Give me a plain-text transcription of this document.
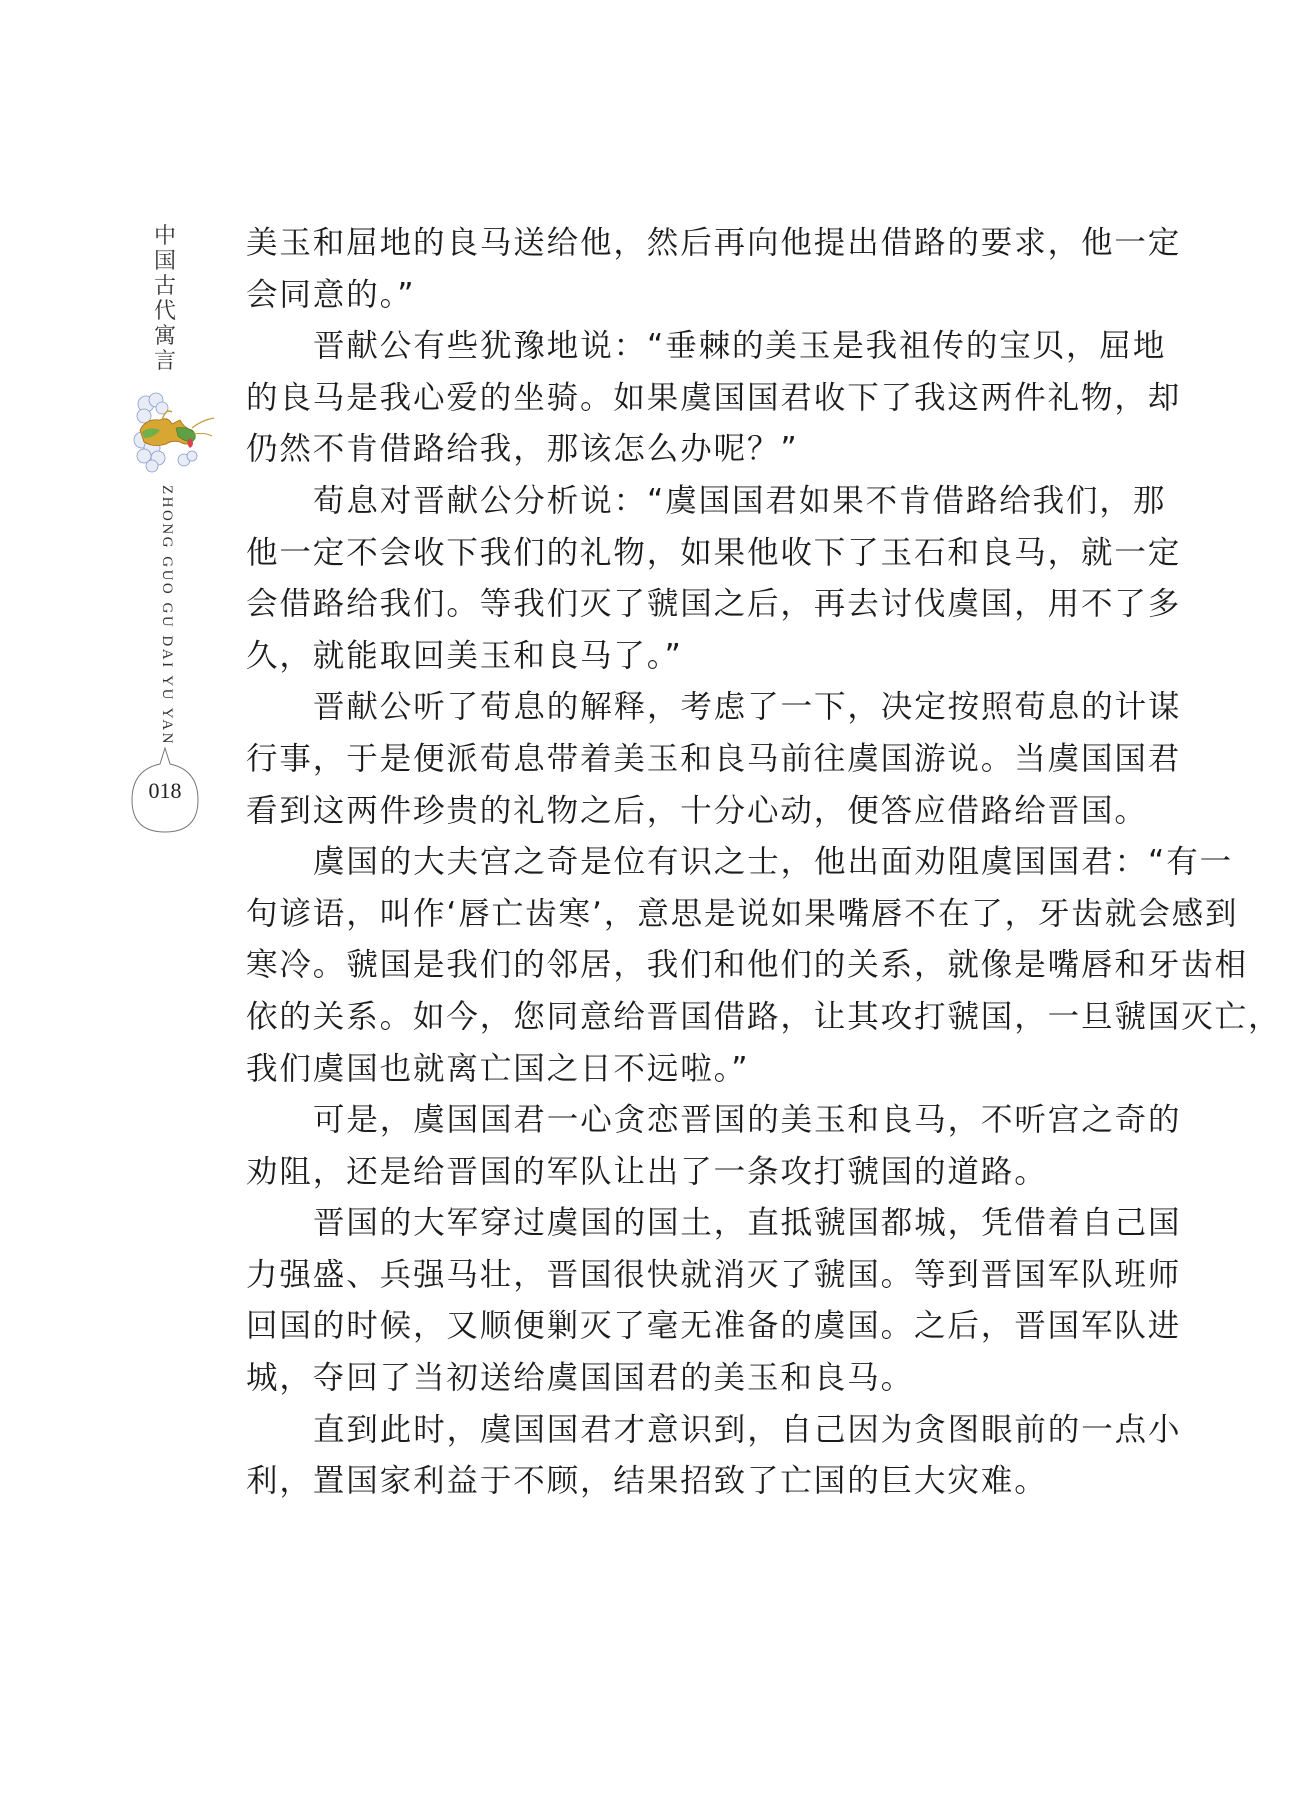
中
国
古
代
寓
言
ZHONG GUO GU DAI YU YAN
018
美玉和屈地的良马送给他，然后再向他提出借路的要求，他一定
会同意的。”
晋献公有些犹豫地说：“垂棘的美玉是我祖传的宝贝，屈地
的良马是我心爱的坐骑。如果虞国国君收下了我这两件礼物，却
仍然不肯借路给我，那该怎么办呢？”
荀息对晋献公分析说：“虞国国君如果不肯借路给我们，那
他一定不会收下我们的礼物，如果他收下了玉石和良马，就一定
会借路给我们。等我们灭了虢国之后，再去讨伐虞国，用不了多
久，就能取回美玉和良马了。”
晋献公听了荀息的解释，考虑了一下，决定按照荀息的计谋
行事，于是便派荀息带着美玉和良马前往虞国游说。当虞国国君
看到这两件珍贵的礼物之后，十分心动，便答应借路给晋国。
虞国的大夫宫之奇是位有识之士，他出面劝阻虞国国君：“有一
句谚语，叫作‘唇亡齿寒’，意思是说如果嘴唇不在了，牙齿就会感到
寒冷。虢国是我们的邻居，我们和他们的关系，就像是嘴唇和牙齿相
依的关系。如今，您同意给晋国借路，让其攻打虢国，一旦虢国灭亡，
我们虞国也就离亡国之日不远啦。”
可是，虞国国君一心贪恋晋国的美玉和良马，不听宫之奇的
劝阻，还是给晋国的军队让出了一条攻打虢国的道路。
晋国的大军穿过虞国的国土，直抵虢国都城，凭借着自己国
力强盛、兵强马壮，晋国很快就消灭了虢国。等到晋国军队班师
回国的时候，又顺便剿灭了毫无准备的虞国。之后，晋国军队进
城，夺回了当初送给虞国国君的美玉和良马。
直到此时，虞国国君才意识到，自己因为贪图眼前的一点小
利，置国家利益于不顾，结果招致了亡国的巨大灾难。
